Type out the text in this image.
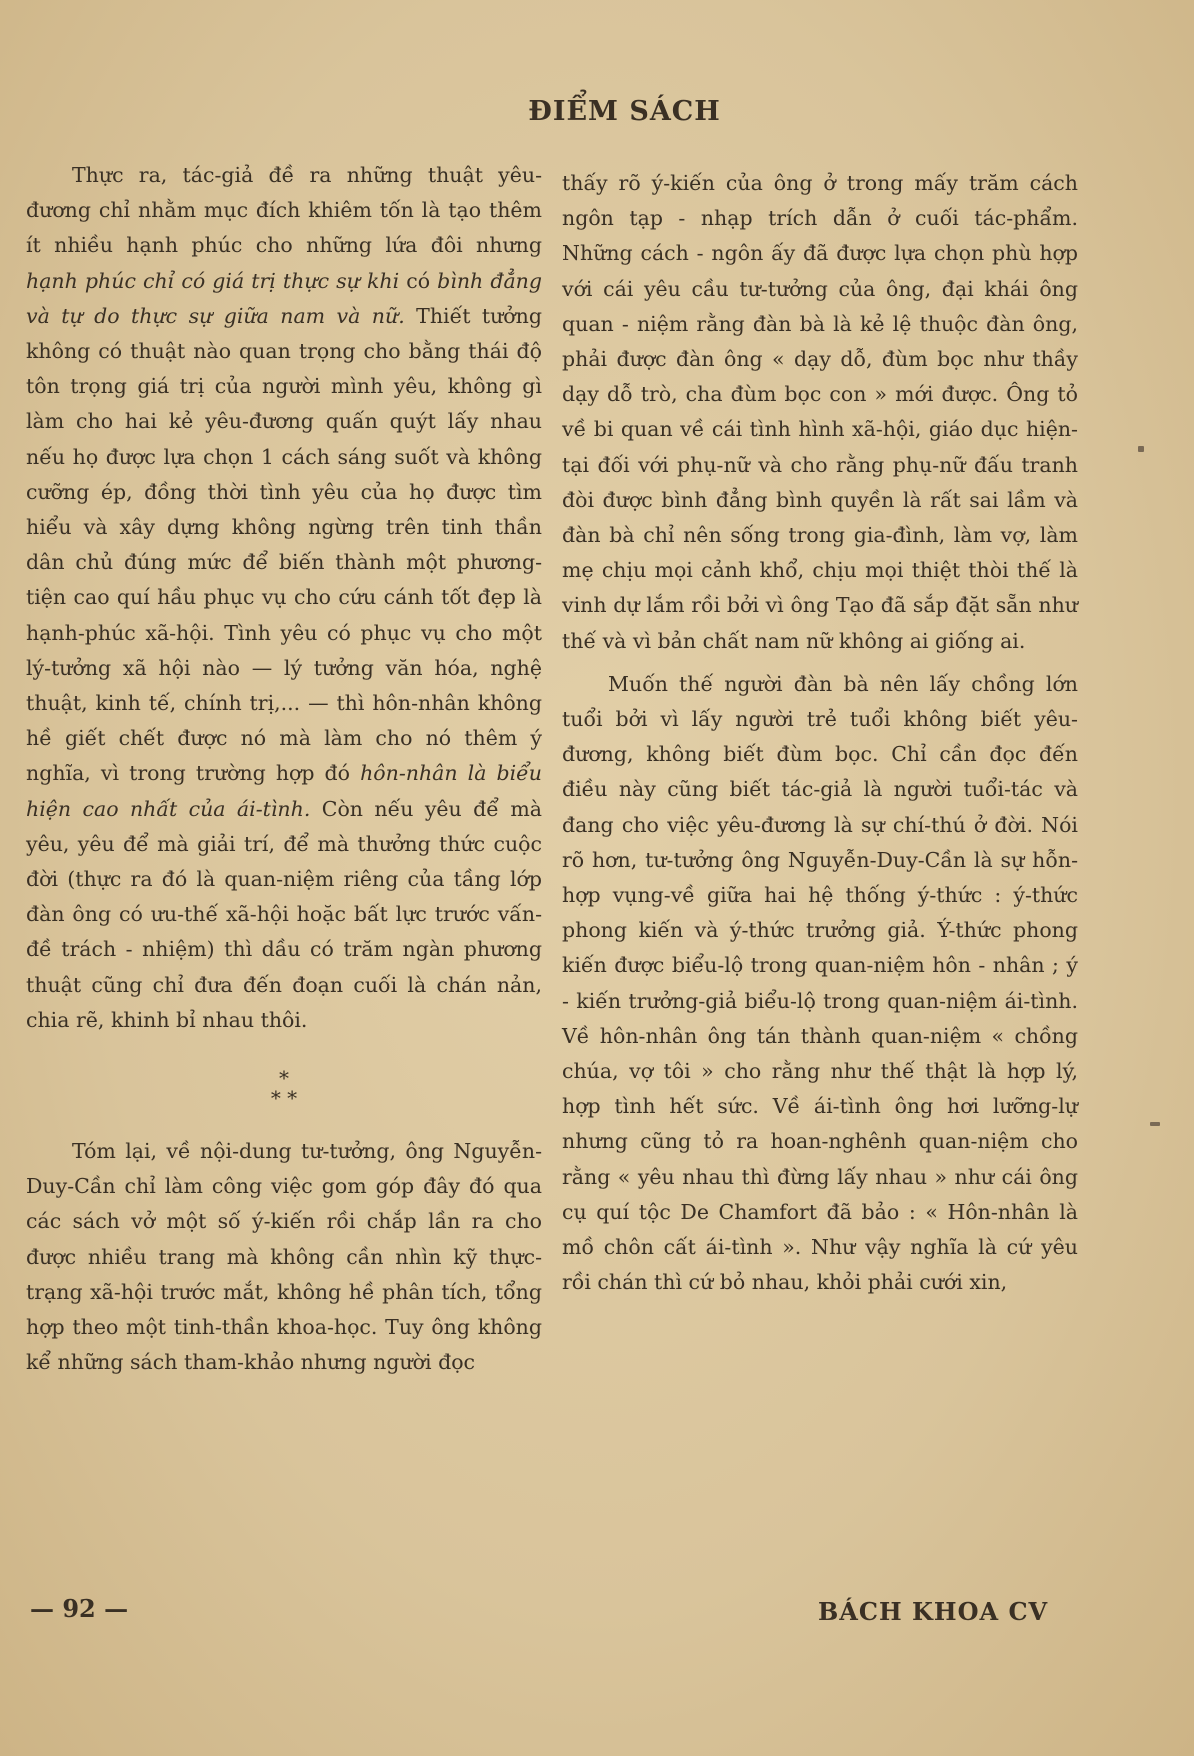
ĐIỂM SÁCH

Thực ra, tác-giả đề ra những thuật yêu-đương chỉ nhằm mục đích khiêm tốn là tạo thêm ít nhiều hạnh phúc cho những lứa đôi nhưng hạnh phúc chỉ có giá trị thực sự khi có bình đẳng và tự do thực sự giữa nam và nữ. Thiết tưởng không có thuật nào quan trọng cho bằng thái độ tôn trọng giá trị của người mình yêu, không gì làm cho hai kẻ yêu-đương quấn quýt lấy nhau nếu họ được lựa chọn 1 cách sáng suốt và không cưỡng ép, đồng thời tình yêu của họ được tìm hiểu và xây dựng không ngừng trên tinh thần dân chủ đúng mức để biến thành một phương-tiện cao quí hầu phục vụ cho cứu cánh tốt đẹp là hạnh-phúc xã-hội. Tình yêu có phục vụ cho một lý-tưởng xã hội nào — lý tưởng văn hóa, nghệ thuật, kinh tế, chính trị,... — thì hôn-nhân không hề giết chết được nó mà làm cho nó thêm ý nghĩa, vì trong trường hợp đó hôn-nhân là biểu hiện cao nhất của ái-tình. Còn nếu yêu để mà yêu, yêu để mà giải trí, để mà thưởng thức cuộc đời (thực ra đó là quan-niệm riêng của tầng lớp đàn ông có ưu-thế xã-hội hoặc bất lực trước vấn-đề trách - nhiệm) thì dầu có trăm ngàn phương thuật cũng chỉ đưa đến đoạn cuối là chán nản, chia rẽ, khinh bỉ nhau thôi.

*
* *

Tóm lại, về nội-dung tư-tưởng, ông Nguyễn-Duy-Cần chỉ làm công việc gom góp đây đó qua các sách vở một số ý-kiến rồi chắp lần ra cho được nhiều trang mà không cần nhìn kỹ thực-trạng xã-hội trước mắt, không hề phân tích, tổng hợp theo một tinh-thần khoa-học. Tuy ông không kể những sách tham-khảo nhưng người đọc

thấy rõ ý-kiến của ông ở trong mấy trăm cách ngôn tạp - nhạp trích dẫn ở cuối tác-phẩm. Những cách - ngôn ấy đã được lựa chọn phù hợp với cái yêu cầu tư-tưởng của ông, đại khái ông quan - niệm rằng đàn bà là kẻ lệ thuộc đàn ông, phải được đàn ông « dạy dỗ, đùm bọc như thầy dạy dỗ trò, cha đùm bọc con » mới được. Ông tỏ về bi quan về cái tình hình xã-hội, giáo dục hiện-tại đối với phụ-nữ và cho rằng phụ-nữ đấu tranh đòi được bình đẳng bình quyền là rất sai lầm và đàn bà chỉ nên sống trong gia-đình, làm vợ, làm mẹ chịu mọi cảnh khổ, chịu mọi thiệt thòi thế là vinh dự lắm rồi bởi vì ông Tạo đã sắp đặt sẵn như thế và vì bản chất nam nữ không ai giống ai.

Muốn thế người đàn bà nên lấy chồng lớn tuổi bởi vì lấy người trẻ tuổi không biết yêu-đương, không biết đùm bọc. Chỉ cần đọc đến điều này cũng biết tác-giả là người tuổi-tác và đang cho việc yêu-đương là sự chí-thú ở đời. Nói rõ hơn, tư-tưởng ông Nguyễn-Duy-Cần là sự hỗn-hợp vụng-về giữa hai hệ thống ý-thức : ý-thức phong kiến và ý-thức trưởng giả. Ý-thức phong kiến được biểu-lộ trong quan-niệm hôn - nhân ; ý - kiến trưởng-giả biểu-lộ trong quan-niệm ái-tình. Về hôn-nhân ông tán thành quan-niệm « chồng chúa, vợ tôi » cho rằng như thế thật là hợp lý, hợp tình hết sức. Về ái-tình ông hơi lưỡng-lự nhưng cũng tỏ ra hoan-nghênh quan-niệm cho rằng « yêu nhau thì đừng lấy nhau » như cái ông cụ quí tộc De Chamfort đã bảo : « Hôn-nhân là mồ chôn cất ái-tình ». Như vậy nghĩa là cứ yêu rồi chán thì cứ bỏ nhau, khỏi phải cưới xin,

— 92 —	BÁCH KHOA CV
